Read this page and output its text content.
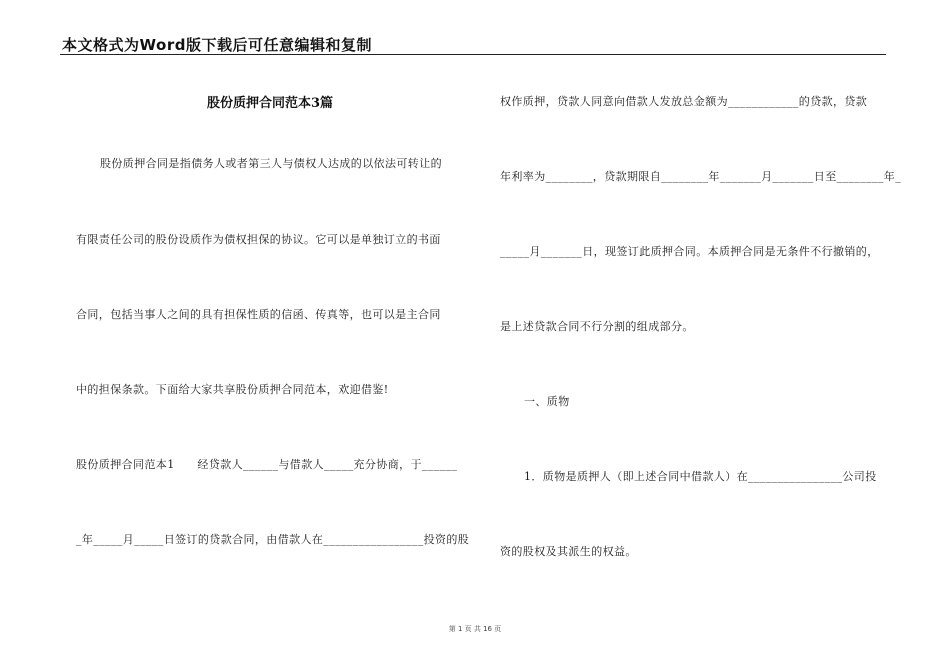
本文格式为Word版下载后可任意编辑和复制
股份质押合同范本3篇
股份质押合同是指债务人或者第三人与债权人达成的以依法可转让的
有限责任公司的股份设质作为债权担保的协议。它可以是单独订立的书面
合同，包括当事人之间的具有担保性质的信函、传真等，也可以是主合同
中的担保条款。下面给大家共享股份质押合同范本，欢迎借鉴!
股份质押合同范本1　　经贷款人______与借款人_____充分协商，于______
_年_____月_____日签订的贷款合同，由借款人在_________________投资的股
权作质押，贷款人同意向借款人发放总金额为____________的贷款，贷款
年利率为________，贷款期限自________年_______月_______日至________年_
_____月_______日，现签订此质押合同。本质押合同是无条件不行撤销的，
是上述贷款合同不行分割的组成部分。
一、质物
1．质物是质押人（即上述合同中借款人）在________________公司投
资的股权及其派生的权益。
第 1 页 共 16 页
